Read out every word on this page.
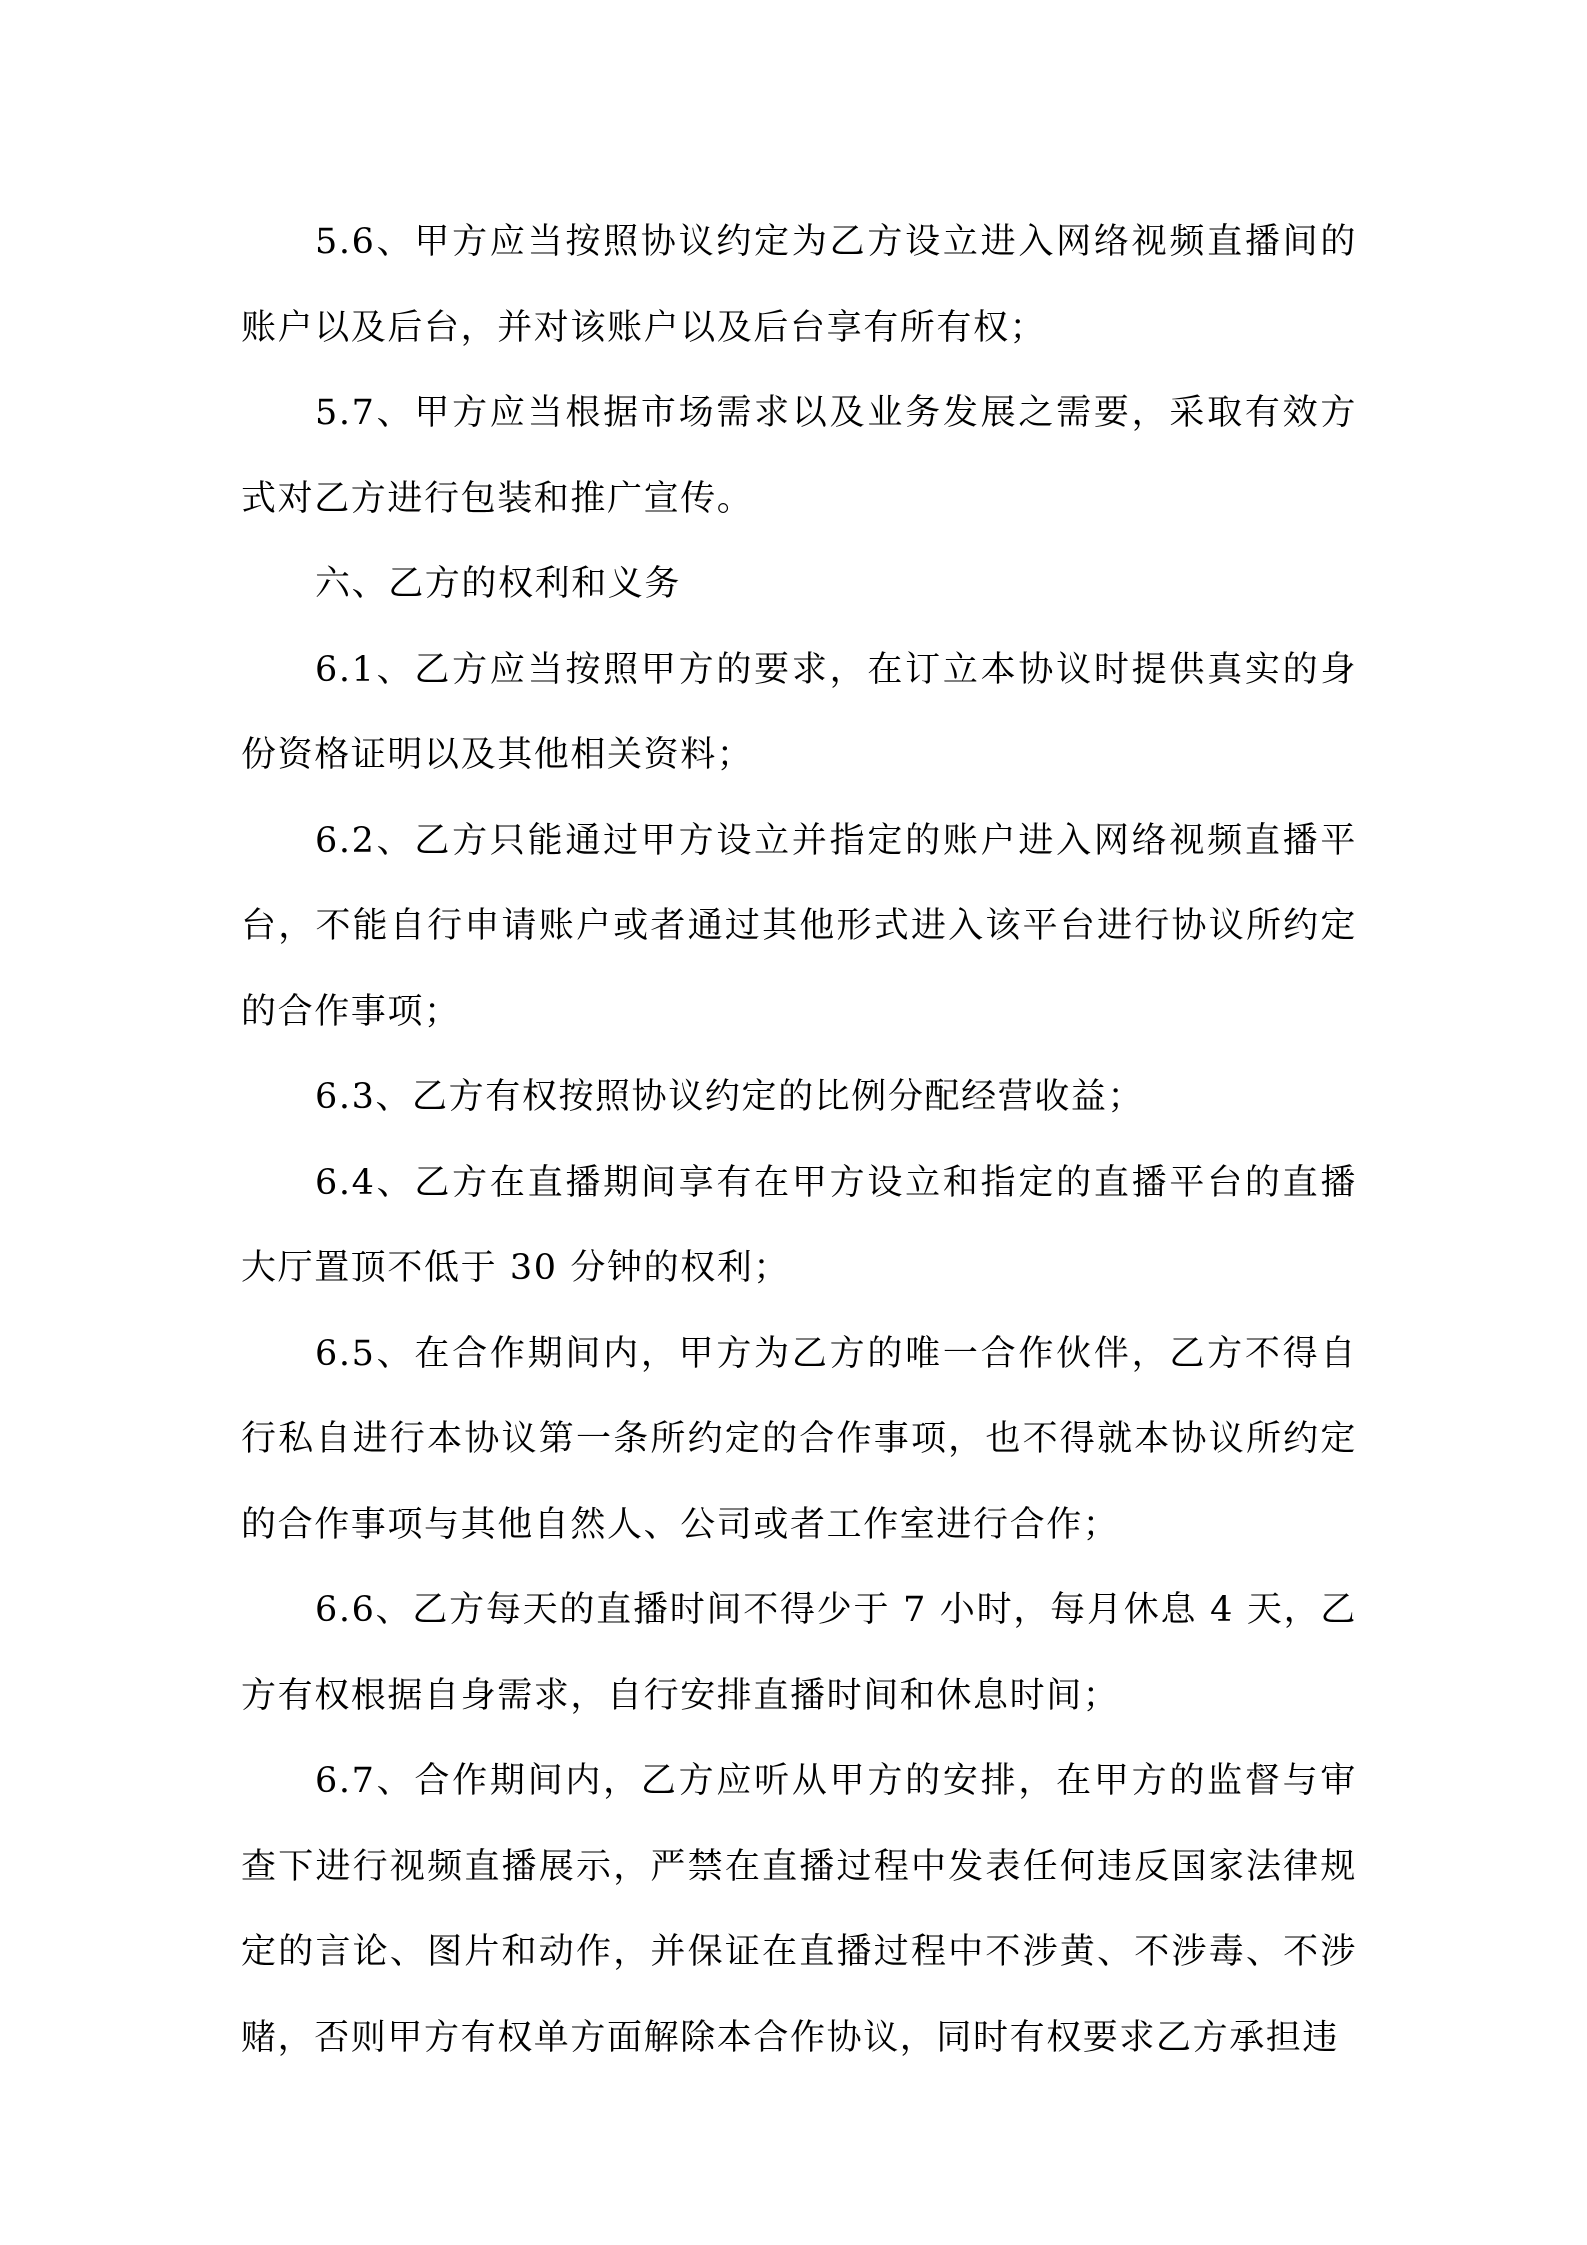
5.6、甲方应当按照协议约定为乙方设立进入网络视频直播间的账户以及后台，并对该账户以及后台享有所有权；

5.7、甲方应当根据市场需求以及业务发展之需要，采取有效方式对乙方进行包装和推广宣传。

六、乙方的权利和义务

6.1、乙方应当按照甲方的要求，在订立本协议时提供真实的身份资格证明以及其他相关资料；

6.2、乙方只能通过甲方设立并指定的账户进入网络视频直播平台，不能自行申请账户或者通过其他形式进入该平台进行协议所约定的合作事项；

6.3、乙方有权按照协议约定的比例分配经营收益；

6.4、乙方在直播期间享有在甲方设立和指定的直播平台的直播大厅置顶不低于 30 分钟的权利；

6.5、在合作期间内，甲方为乙方的唯一合作伙伴，乙方不得自行私自进行本协议第一条所约定的合作事项，也不得就本协议所约定的合作事项与其他自然人、公司或者工作室进行合作；

6.6、乙方每天的直播时间不得少于 7 小时，每月休息 4 天，乙方有权根据自身需求，自行安排直播时间和休息时间；

6.7、合作期间内，乙方应听从甲方的安排，在甲方的监督与审查下进行视频直播展示，严禁在直播过程中发表任何违反国家法律规定的言论、图片和动作，并保证在直播过程中不涉黄、不涉毒、不涉赌，否则甲方有权单方面解除本合作协议，同时有权要求乙方承担违
